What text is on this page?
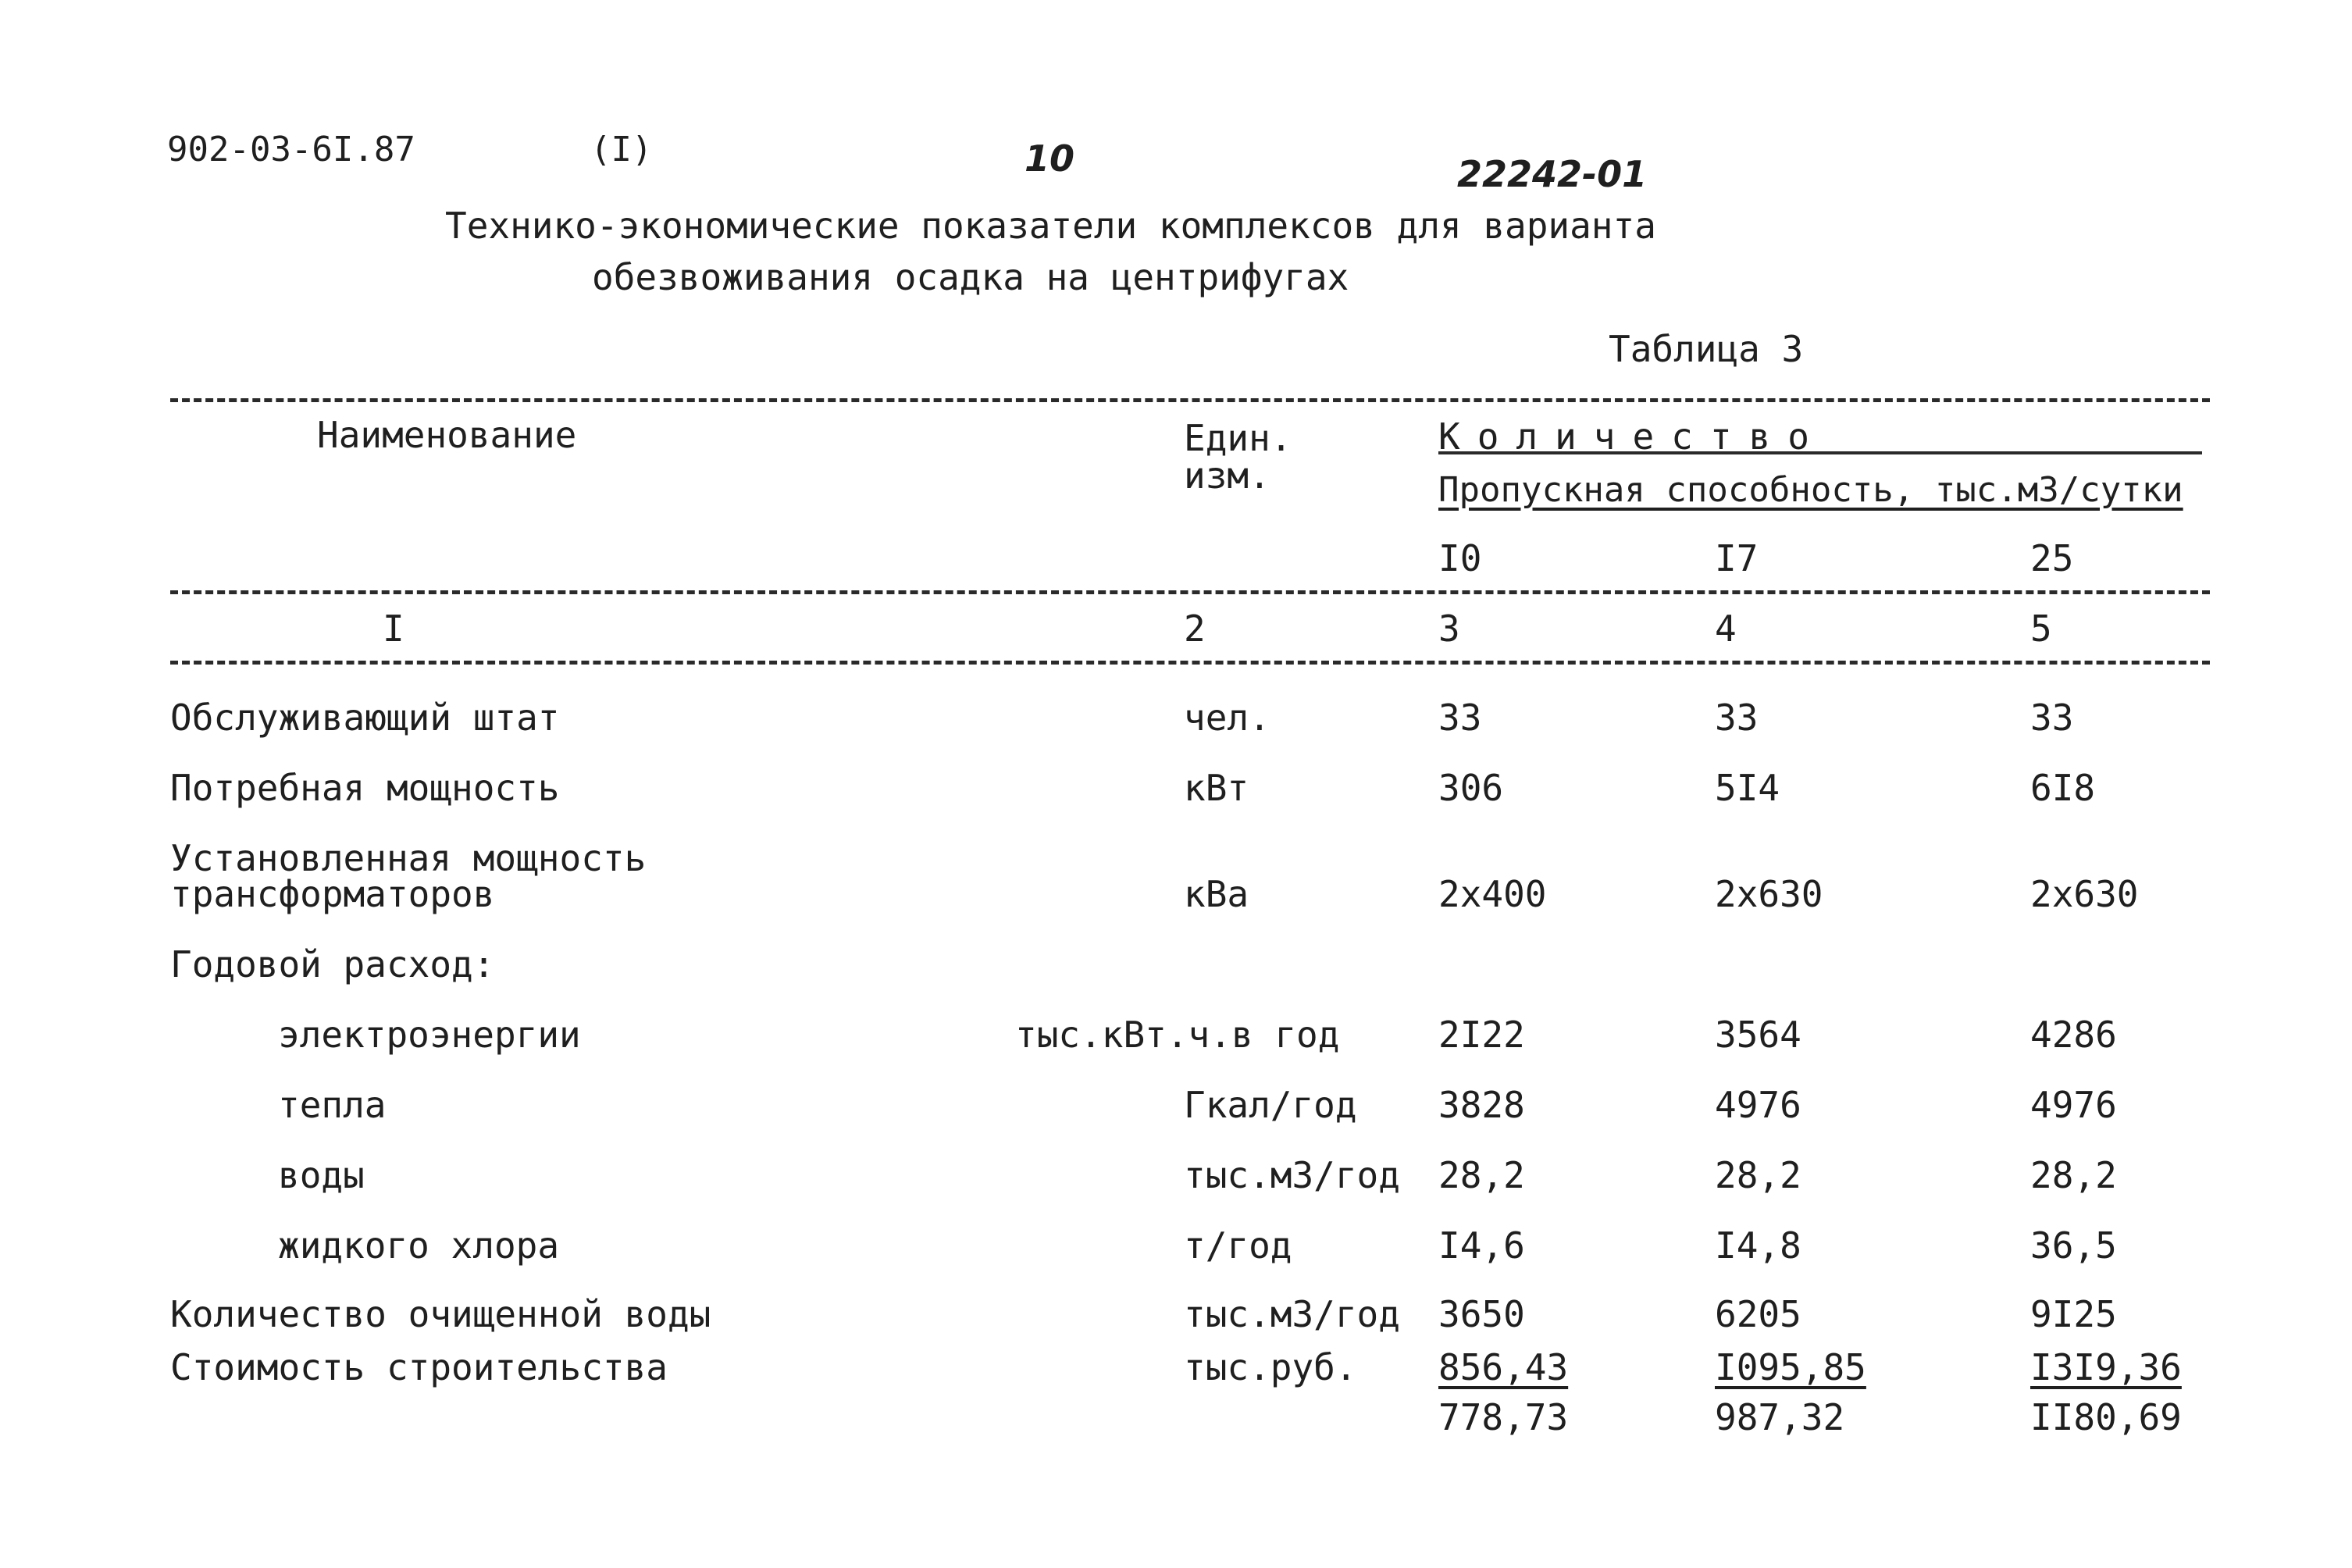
902-03-6I.87	(I)	10	22242-01
Технико-экономические показатели комплексов для варианта
обезвоживания осадка на центрифугах
Таблица 3
Наименование	Един.
изм.
Количество
Пропускная способность, тыс.м3/сутки
I0	I7	25
I	2	3	4	5
Обслуживающий штат	чел.	33	33	33
Потребная мощность	кВт	306	5I4	6I8
Установленная мощность
трансформаторов	кВа	2x400	2x630	2x630
Годовой расход:
электроэнергии	тыс.кВт.ч.в год	2I22	3564	4286
тепла	Гкал/год 3828	4976	4976
воды	тыс.м3/год 28,2	28,2	28,2
жидкого хлора	т/год	I4,6	I4,8	36,5
Количество очищенной воды	тыс.м3/год 3650	6205	9I25
Стоимость строительства	тыс.руб. 856,43	I095,85	I3I9,36
778,73	987,32	II80,69
